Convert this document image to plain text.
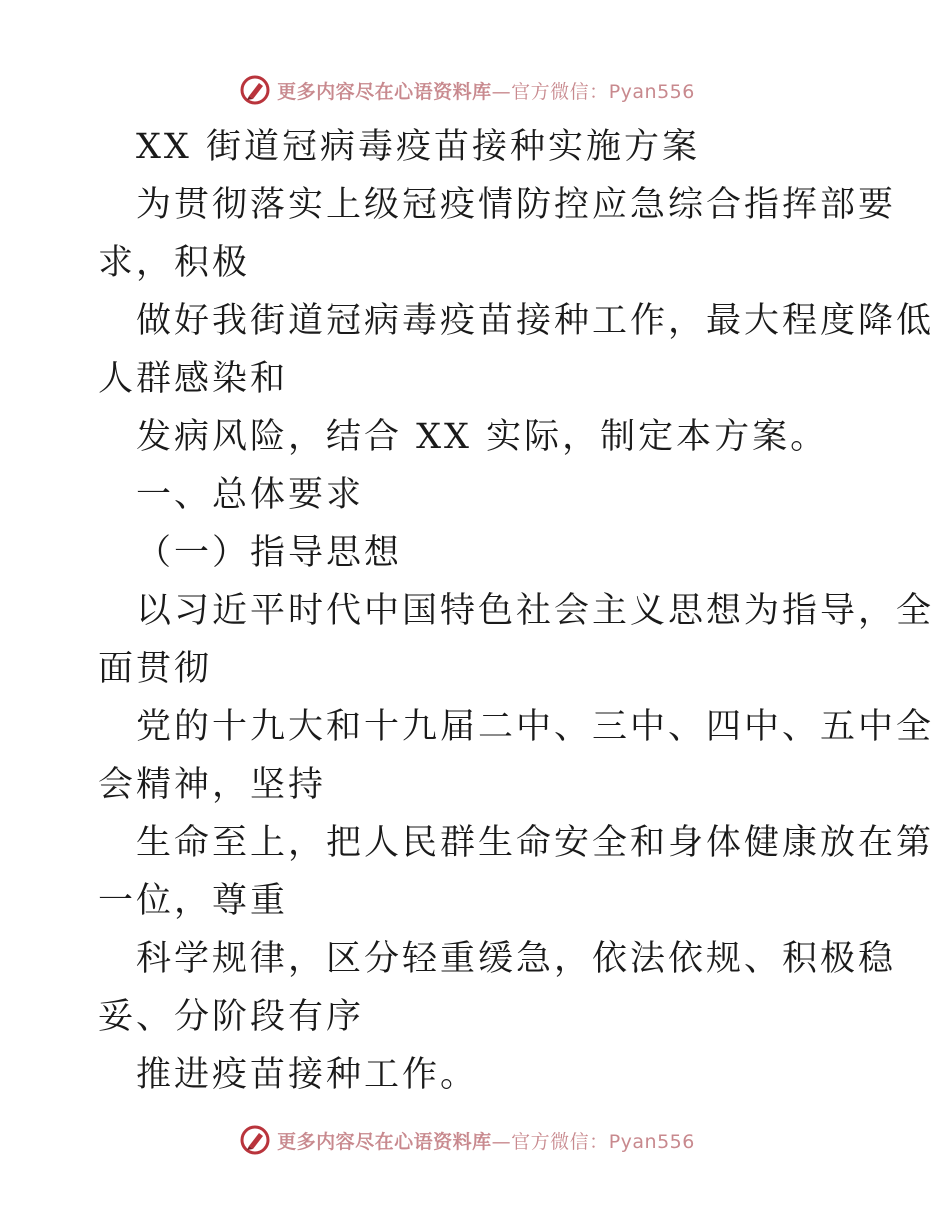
更多内容尽在心语资料库—官方微信：Pyan556
XX 街道冠病毒疫苗接种实施方案
为贯彻落实上级冠疫情防控应急综合指挥部要
求，积极
做好我街道冠病毒疫苗接种工作，最大程度降低
人群感染和
发病风险，结合 XX 实际，制定本方案。
一、总体要求
（一）指导思想
以习近平时代中国特色社会主义思想为指导，全
面贯彻
党的十九大和十九届二中、三中、四中、五中全
会精神，坚持
生命至上，把人民群生命安全和身体健康放在第
一位，尊重
科学规律，区分轻重缓急，依法依规、积极稳
妥、分阶段有序
推进疫苗接种工作。
更多内容尽在心语资料库—官方微信：Pyan556
